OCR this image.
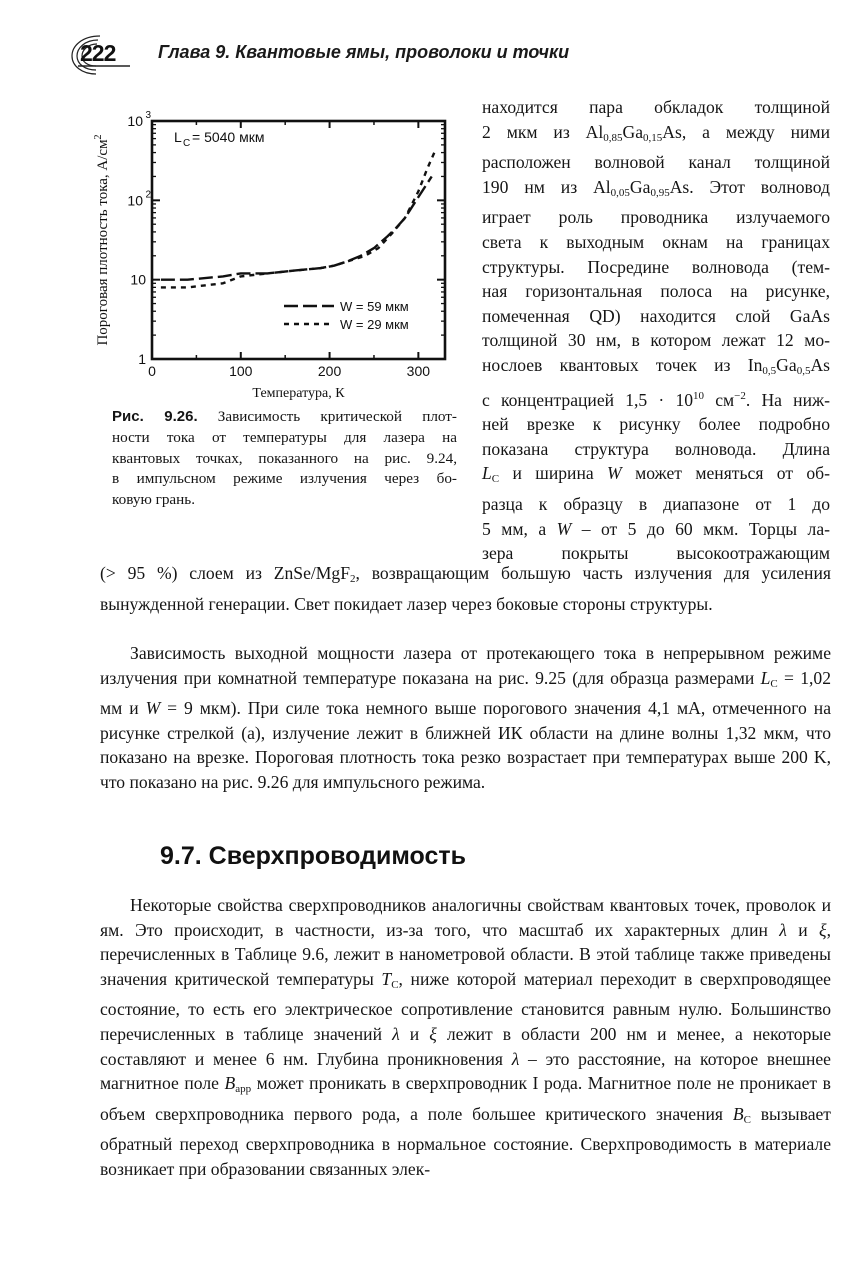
222 Глава 9. Квантовые ямы, проволоки и точки
0	100	200	300
1
10
10 2
10 3
W = 59 мкм
W = 29 мкм
L C = 5040 мкм
Температура, К
Пороговая плотность тока, $А/см^2$
Рис. 9.26. Зависимость критической плот-
ности тока от температуры для лазера на
квантовых точках, показанного на рис. 9.24,
в импульсном режиме излучения через бо-
ковую грань.
находится пара обкладок толщиной
2 мкм из $Al_{0,85}Ga_{0,15}As$, а между ними
расположен волновой канал толщиной
190 нм из $Al_{0,05}Ga_{0,95}As$. Этот волновод
играет роль проводника излучаемого
света к выходным окнам на границах
структуры. Посредине волновода (тем-
ная горизонтальная полоса на рисунке,
помеченная QD) находится слой GaAs
толщиной 30 нм, в котором лежат 12 мо-
нослоев квантовых точек из $In_{0,5}Ga_{0,5}As$
с концентрацией $1,5 \cdot 10^{10}$ $см^{-2}$. На ниж-
ней врезке к рисунку более подробно
показана структура волновода. Длина
$L_C$ и ширина W может меняться от об-
разца к образцу в диапазоне от 1 до
5 мм, а W – от 5 до 60 мкм. Торцы ла-
зера покрыты высокоотражающим

(> 95 %) слоем из ZnSe/MgF$_2$, возвращающим большую часть излучения для усиления вынужденной генерации. Свет покидает лазер через боковые стороны структуры.

Зависимость выходной мощности лазера от протекающего тока в непрерывном режиме излучения при комнатной температуре показана на рис. 9.25 (для образца размерами $L_C = 1,02$ мм и W = 9 мкм). При силе тока немного выше порогового значения 4,1 мА, отмеченного на рисунке стрелкой (а), излучение лежит в ближней ИК области на длине волны 1,32 мкм, что показано на врезке. Пороговая плотность тока резко возрастает при температурах выше 200 K, что показано на рис. 9.26 для импульсного режима.

9.7. Сверхпроводимость

Некоторые свойства сверхпроводников аналогичны свойствам квантовых точек, проволок и ям. Это происходит, в частности, из-за того, что масштаб их характерных длин λ и ξ, перечисленных в Таблице 9.6, лежит в нанометровой области. В этой таблице также приведены значения критической температуры $T_C$, ниже которой материал переходит в сверхпроводящее состояние, то есть его электрическое сопротивление становится равным нулю. Большинство перечисленных в таблице значений λ и ξ лежит в области 200 нм и менее, а некоторые составляют и менее 6 нм. Глубина проникновения λ – это расстояние, на которое внешнее магнитное поле $B_{app}$ может проникать в сверхпроводник I рода. Магнитное поле не проникает в объем сверхпроводника первого рода, а поле большее критического значения $B_C$ вызывает обратный переход сверхпроводника в нормальное состояние. Сверхпроводимость в материале возникает при образовании связанных элек-
